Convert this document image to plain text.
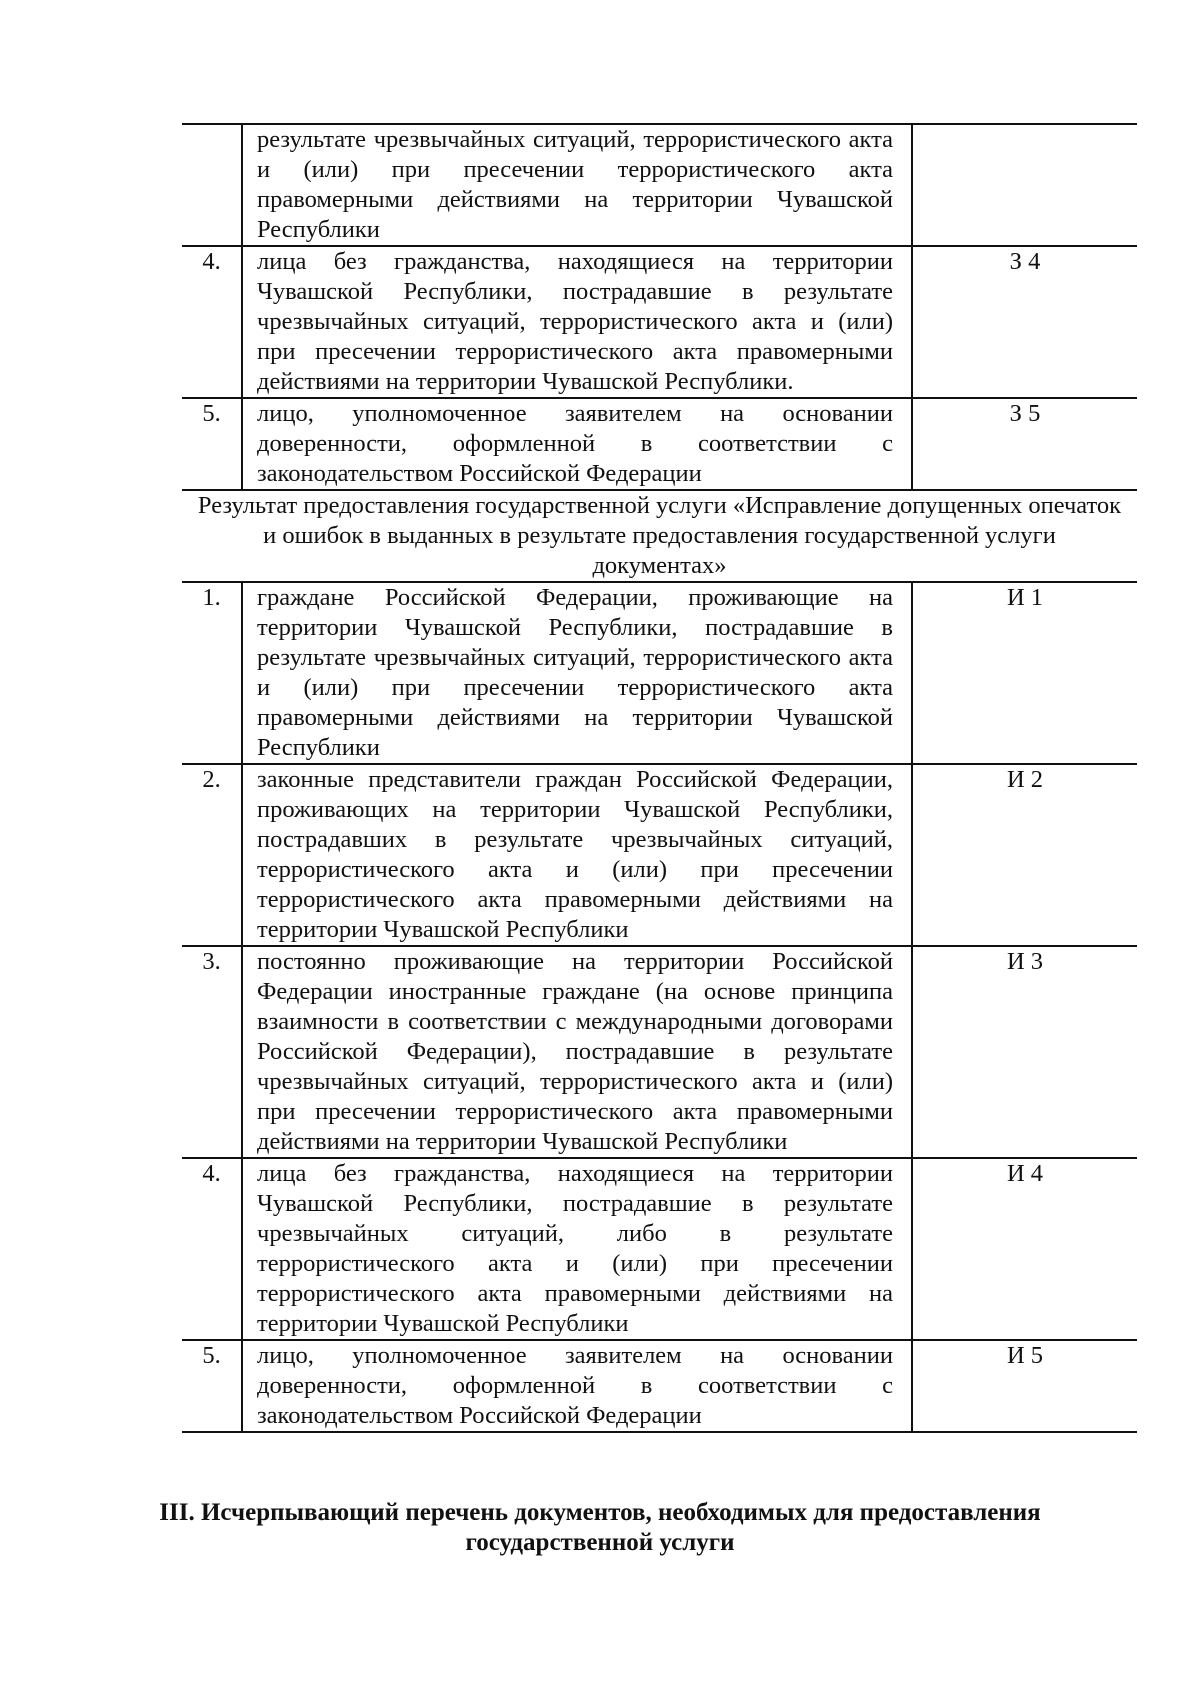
	результате чрезвычайных ситуаций, террористического акта и (или) при пресечении террористического акта правомерными действиями на территории Чувашской Республики	
4.	лица без гражданства, находящиеся на территории Чувашской Республики, пострадавшие в результате чрезвычайных ситуаций, террористического акта и (или) при пресечении террористического акта правомерными действиями на территории Чувашской Республики.	З 4
5.	лицо, уполномоченное заявителем на основании доверенности, оформленной в соответствии с законодательством Российской Федерации	З 5
Результат предоставления государственной услуги «Исправление допущенных опечаток и ошибок в выданных в результате предоставления государственной услуги документах»		
1.	граждане Российской Федерации, проживающие на территории Чувашской Республики, пострадавшие в результате чрезвычайных ситуаций, террористического акта и (или) при пресечении террористического акта правомерными действиями на территории Чувашской Республики	И 1
2.	законные представители граждан Российской Федерации, проживающих на территории Чувашской Республики, пострадавших в результате чрезвычайных ситуаций, террористического акта и (или) при пресечении террористического акта правомерными действиями на территории Чувашской Республики	И 2
3.	постоянно проживающие на территории Российской Федерации иностранные граждане (на основе принципа взаимности в соответствии с международными договорами Российской Федерации), пострадавшие в результате чрезвычайных ситуаций, террористического акта и (или) при пресечении террористического акта правомерными действиями на территории Чувашской Республики	И 3
4.	лица без гражданства, находящиеся на территории Чувашской Республики, пострадавшие в результате чрезвычайных ситуаций, либо в результате террористического акта и (или) при пресечении террористического акта правомерными действиями на территории Чувашской Республики	И 4
5.	лицо, уполномоченное заявителем на основании доверенности, оформленной в соответствии с законодательством Российской Федерации	И 5
III. Исчерпывающий перечень документов, необходимых для предоставления государственной услуги
